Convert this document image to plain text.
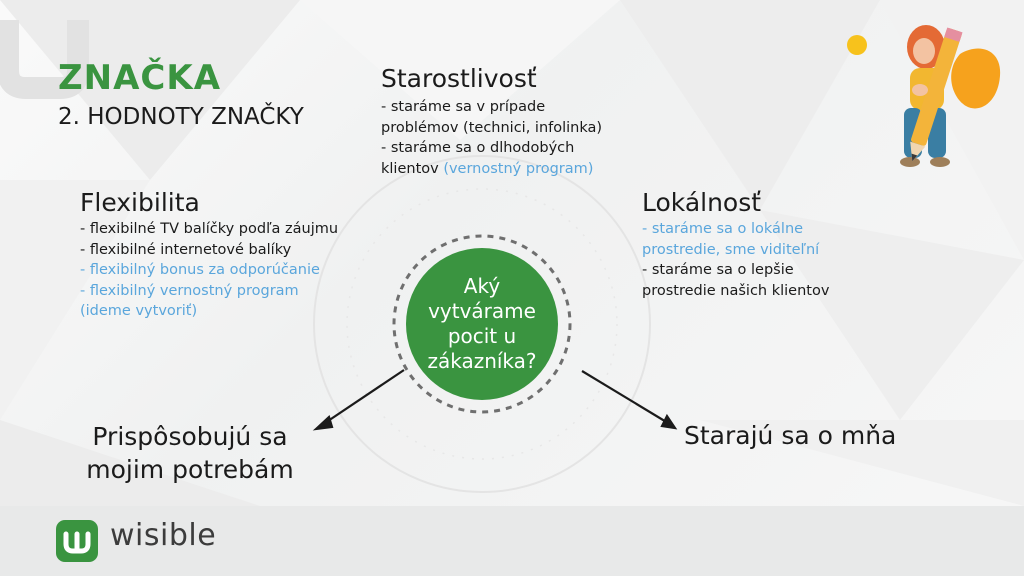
ZNAČKA
2. HODNOTY ZNAČKY
Starostlivosť
- staráme sa v prípade
problémov (technici, infolinka)
- staráme sa o dlhodobých
klientov (vernostný program)
Flexibilita
- flexibilné TV balíčky podľa záujmu
- flexibilné internetové balíky
- flexibilný bonus za odporúčanie
- flexibilný vernostný program
(ideme vytvoriť)
Lokálnosť
- staráme sa o lokálne
prostredie, sme viditeľní
- staráme sa o lepšie
prostredie našich klientov
Aký vytvárame pocit u zákazníka?
Prispôsobujú sa
mojim potrebám
Starajú sa o mňa
wisible
